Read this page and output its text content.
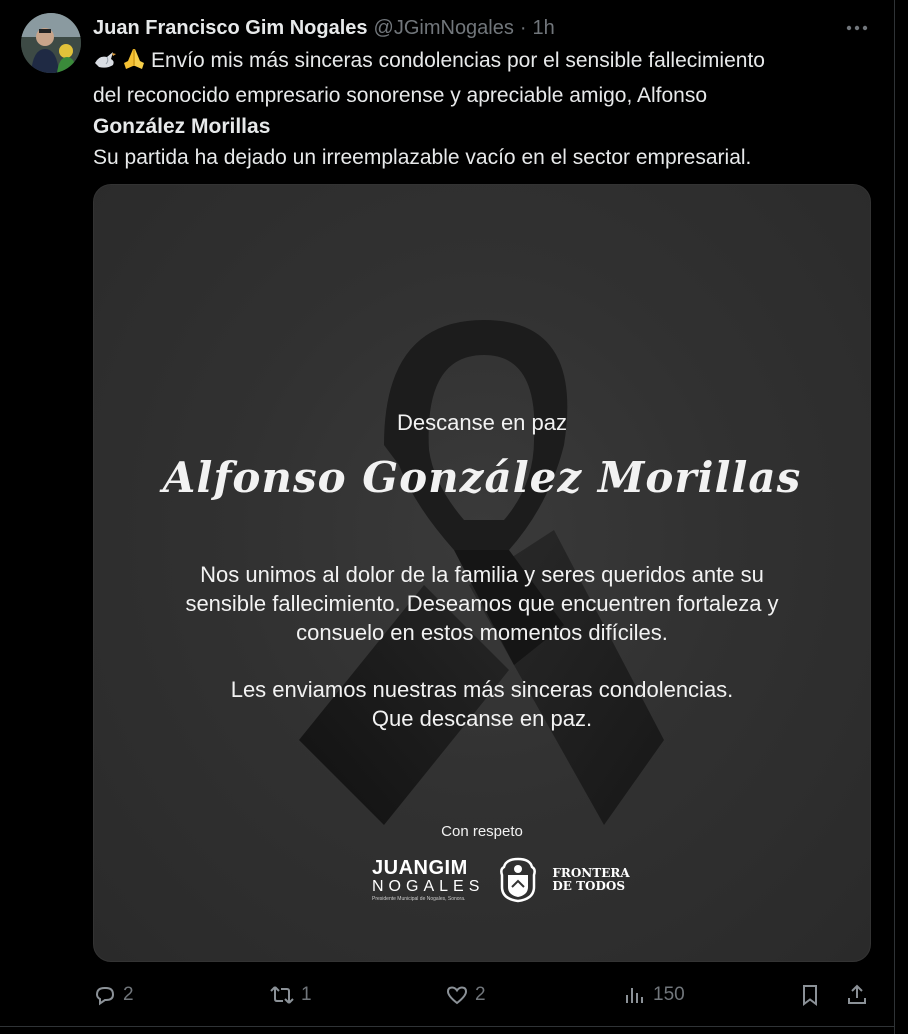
Juan Francisco Gim Nogales @JGimNogales · 1h
Envío mis más sinceras condolencias por el sensible fallecimiento
del reconocido empresario sonorense y apreciable amigo, Alfonso
González Morillas
Su partida ha dejado un irreemplazable vacío en el sector empresarial.
Descanse en paz
Alfonso González Morillas
Nos unimos al dolor de la familia y seres queridos ante su
sensible fallecimiento. Deseamos que encuentren fortaleza y
consuelo en estos momentos difíciles.
Les enviamos nuestras más sinceras condolencias.
Que descanse en paz.
Con respeto
JUANGIM
NOGALES
Presidente Municipal de Nogales, Sonora.
FRONTERA
DE TODOS
2	1	2	150
